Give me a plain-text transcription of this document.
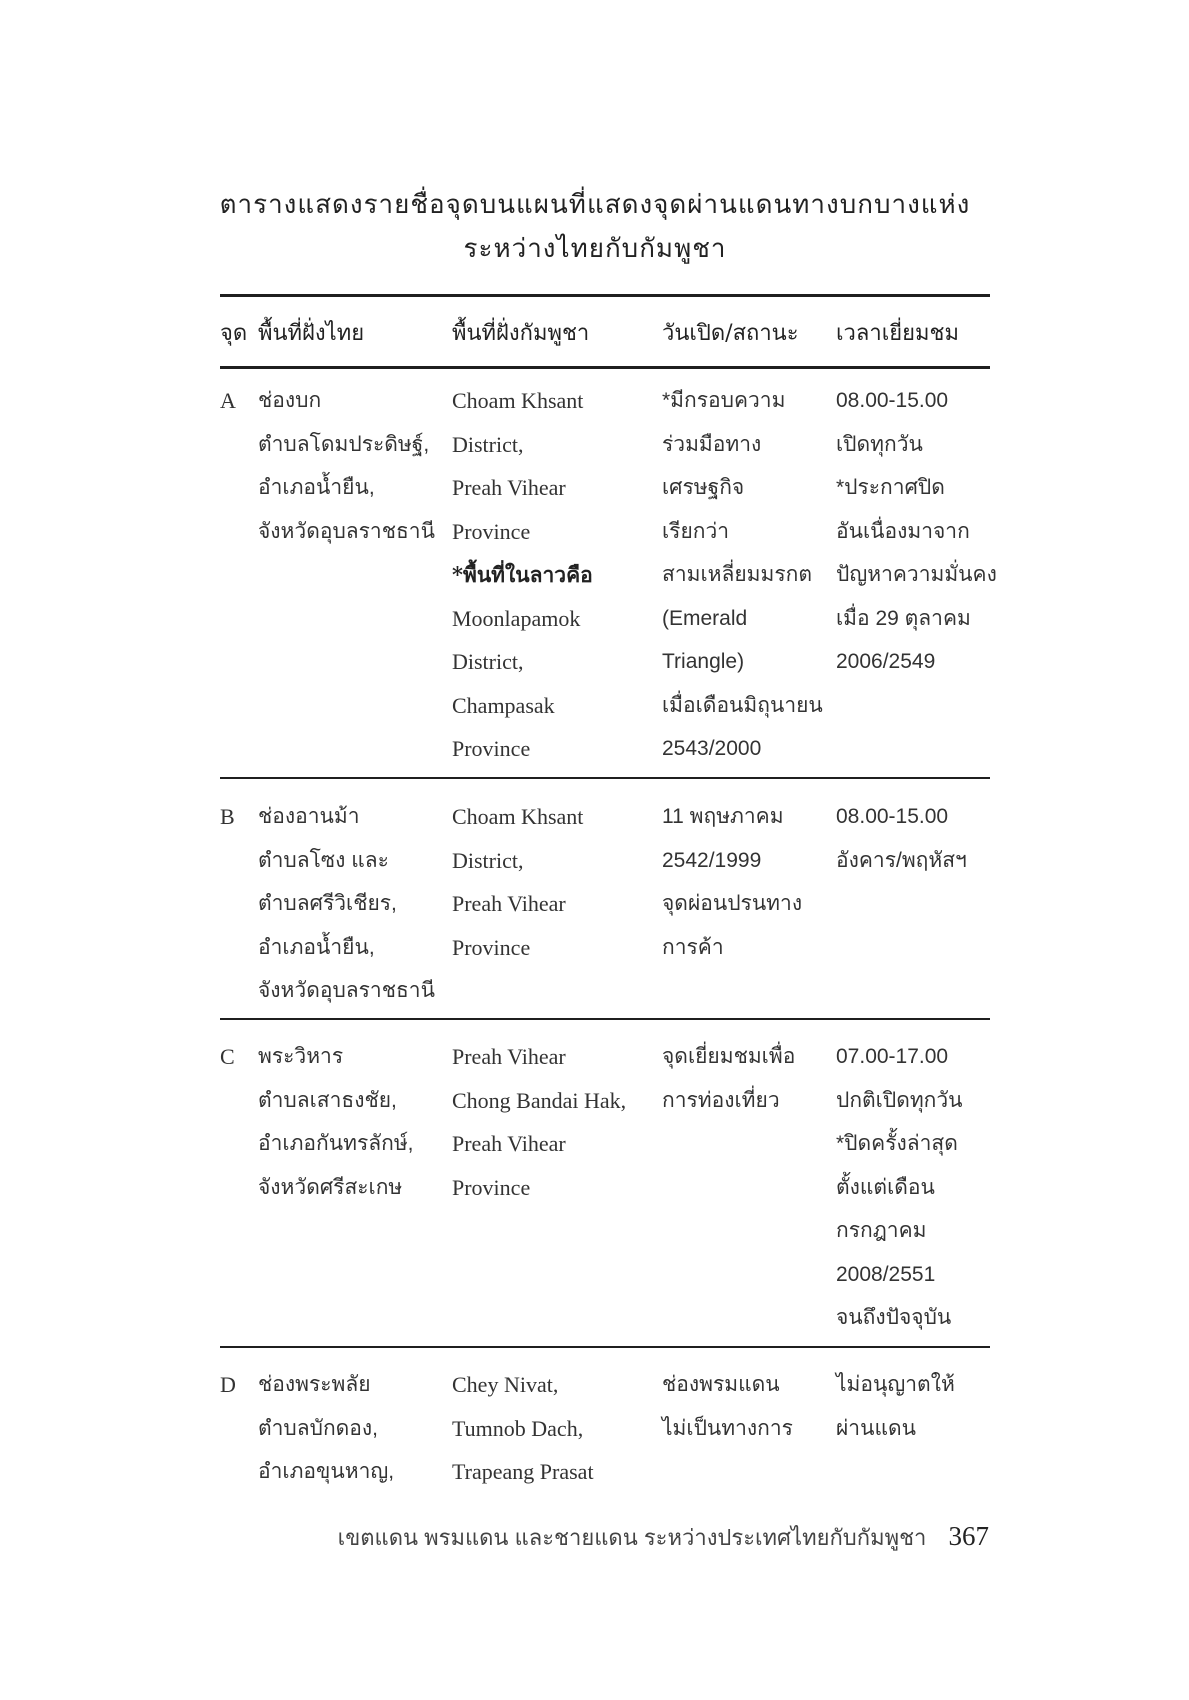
ตารางแสดงรายชื่อจุดบนแผนที่แสดงจุดผ่านแดนทางบกบางแห่ง
ระหว่างไทยกับกัมพูชา
จุด พื้นที่ฝั่งไทย	พื้นที่ฝั่งกัมพูชา	วันเปิด/สถานะ เวลาเยี่ยมชม
A ช่องบก
ตำบลโดมประดิษฐ์,
อำเภอน้ำยืน,
จังหวัดอุบลราชธานี
Choam Khsant
District,
Preah Vihear
Province
*พื้นที่ในลาวคือ
Moonlapamok
District,
Champasak
Province
*มีกรอบความ
ร่วมมือทาง
เศรษฐกิจ
เรียกว่า
สามเหลี่ยมมรกต
(Emerald
Triangle)
เมื่อเดือนมิถุนายน
2543/2000
08.00-15.00
เปิดทุกวัน
*ประกาศปิด
อันเนื่องมาจาก
ปัญหาความมั่นคง
เมื่อ 29 ตุลาคม
2006/2549
B ช่องอานม้า
ตำบลโซง และ
ตำบลศรีวิเชียร,
อำเภอน้ำยืน,
จังหวัดอุบลราชธานี
Choam Khsant
District,
Preah Vihear
Province
11 พฤษภาคม
2542/1999
จุดผ่อนปรนทาง
การค้า
08.00-15.00
อังคาร/พฤหัสฯ
C พระวิหาร
ตำบลเสาธงชัย,
อำเภอกันทรลักษ์,
จังหวัดศรีสะเกษ
Preah Vihear
Chong Bandai Hak,
Preah Vihear
Province
จุดเยี่ยมชมเพื่อ
การท่องเที่ยว
07.00-17.00
ปกติเปิดทุกวัน
*ปิดครั้งล่าสุด
ตั้งแต่เดือน
กรกฎาคม
2008/2551
จนถึงปัจจุบัน
D ช่องพระพลัย
ตำบลบักดอง,
อำเภอขุนหาญ,
Chey Nivat,
Tumnob Dach,
Trapeang Prasat
ช่องพรมแดน
ไม่เป็นทางการ
ไม่อนุญาตให้
ผ่านแดน
เขตแดน พรมแดน และชายแดน ระหว่างประเทศไทยกับกัมพูชา 367
